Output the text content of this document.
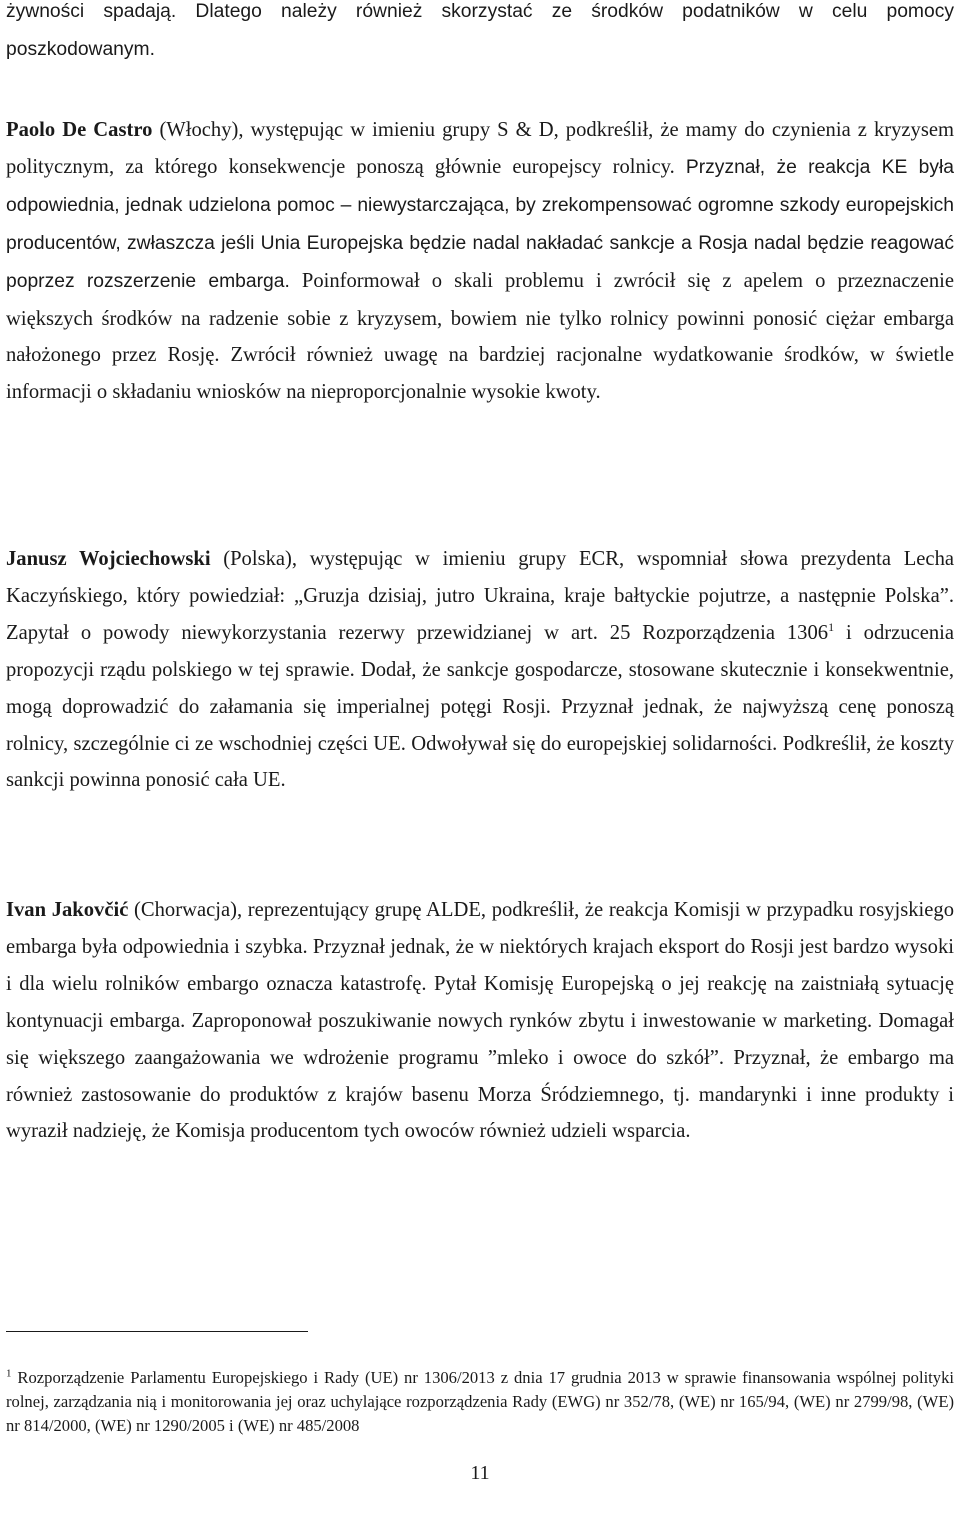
żywności spadają. Dlatego należy również skorzystać ze środków podatników w celu pomocy poszkodowanym.

Paolo De Castro (Włochy), występując w imieniu grupy S & D, podkreślił, że mamy do czynienia z kryzysem politycznym, za którego konsekwencje ponoszą głównie europejscy rolnicy. Przyznał, że reakcja KE była odpowiednia, jednak udzielona pomoc – niewystarczająca, by zrekompensować ogromne szkody europejskich producentów, zwłaszcza jeśli Unia Europejska będzie nadal nakładać sankcje a Rosja nadal będzie reagować poprzez rozszerzenie embarga. Poinformował o skali problemu i zwrócił się z apelem o przeznaczenie większych środków na radzenie sobie z kryzysem, bowiem nie tylko rolnicy powinni ponosić ciężar embarga nałożonego przez Rosję. Zwrócił również uwagę na bardziej racjonalne wydatkowanie środków, w świetle informacji o składaniu wniosków na nieproporcjonalnie wysokie kwoty.

Janusz Wojciechowski (Polska), występując w imieniu grupy ECR, wspomniał słowa prezydenta Lecha Kaczyńskiego, który powiedział: „Gruzja dzisiaj, jutro Ukraina, kraje bałtyckie pojutrze, a następnie Polska”. Zapytał o powody niewykorzystania rezerwy przewidzianej w art. 25 Rozporządzenia 1306$^1$ i odrzucenia propozycji rządu polskiego w tej sprawie. Dodał, że sankcje gospodarcze, stosowane skutecznie i konsekwentnie, mogą doprowadzić do załamania się imperialnej potęgi Rosji. Przyznał jednak, że najwyższą cenę ponoszą rolnicy, szczególnie ci ze wschodniej części UE. Odwoływał się do europejskiej solidarności. Podkreślił, że koszty sankcji powinna ponosić cała UE.

Ivan Jakovčić (Chorwacja), reprezentujący grupę ALDE, podkreślił, że reakcja Komisji w przypadku rosyjskiego embarga była odpowiednia i szybka. Przyznał jednak, że w niektórych krajach eksport do Rosji jest bardzo wysoki i dla wielu rolników embargo oznacza katastrofę. Pytał Komisję Europejską o jej reakcję na zaistniałą sytuację kontynuacji embarga. Zaproponował poszukiwanie nowych rynków zbytu i inwestowanie w marketing. Domagał się większego zaangażowania we wdrożenie programu ”mleko i owoce do szkół”. Przyznał, że embargo ma również zastosowanie do produktów z krajów basenu Morza Śródziemnego, tj. mandarynki i inne produkty i wyraził nadzieję, że Komisja producentom tych owoców również udzieli wsparcia.

$^1$ Rozporządzenie Parlamentu Europejskiego i Rady (UE) nr 1306/2013 z dnia 17 grudnia 2013 w sprawie finansowania wspólnej polityki rolnej, zarządzania nią i monitorowania jej oraz uchylające rozporządzenia Rady (EWG) nr 352/78, (WE) nr 165/94, (WE) nr 2799/98, (WE) nr 814/2000, (WE) nr 1290/2005 i (WE) nr 485/2008

11
